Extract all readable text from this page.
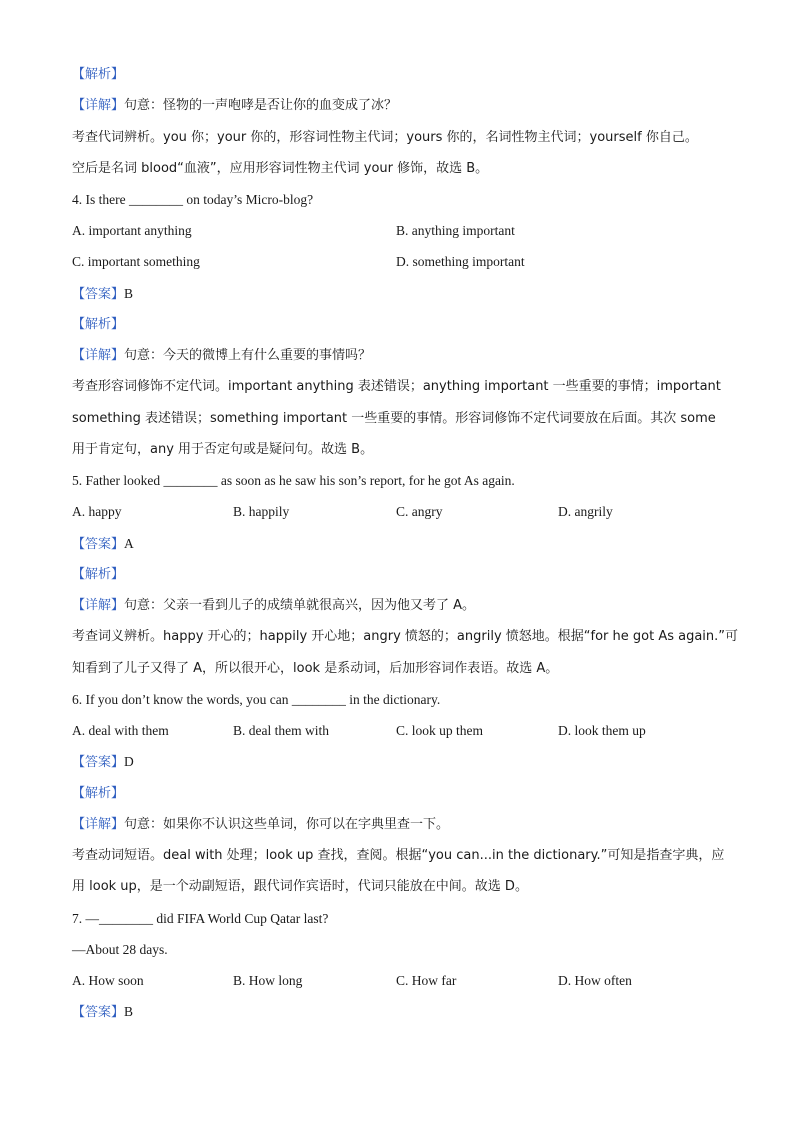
【解析】
【详解】句意：怪物的一声咆哮是否让你的血变成了冰？
考查代词辨析。you 你；your 你的，形容词性物主代词；yours 你的，名词性物主代词；yourself 你自己。
空后是名词 blood“血液”，应用形容词性物主代词 your 修饰，故选 B。
4. Is there ________ on today’s Micro-blog?
A. important anything	B. anything important
C. important something	D. something important
【答案】B
【解析】
【详解】句意：今天的微博上有什么重要的事情吗？
考查形容词修饰不定代词。important anything 表述错误；anything important 一些重要的事情；important
something 表述错误；something important 一些重要的事情。形容词修饰不定代词要放在后面。其次 some
用于肯定句，any 用于否定句或是疑问句。故选 B。
5. Father looked ________ as soon as he saw his son’s report, for he got As again.
A. happy	B. happily	C. angry	D. angrily
【答案】A
【解析】
【详解】句意：父亲一看到儿子的成绩单就很高兴，因为他又考了 A。
考查词义辨析。happy 开心的；happily 开心地；angry 愤怒的；angrily 愤怒地。根据“for he got As again.”可
知看到了儿子又得了 A，所以很开心，look 是系动词，后加形容词作表语。故选 A。
6. If you don’t know the words, you can ________ in the dictionary.
A. deal with them	B. deal them with	C. look up them	D. look them up
【答案】D
【解析】
【详解】句意：如果你不认识这些单词，你可以在字典里查一下。
考查动词短语。deal with 处理；look up 查找，查阅。根据“you can...in the dictionary.”可知是指查字典，应
用 look up，是一个动副短语，跟代词作宾语时，代词只能放在中间。故选 D。
7. —________ did FIFA World Cup Qatar last?
—About 28 days.
A. How soon	B. How long	C. How far	D. How often
【答案】B
